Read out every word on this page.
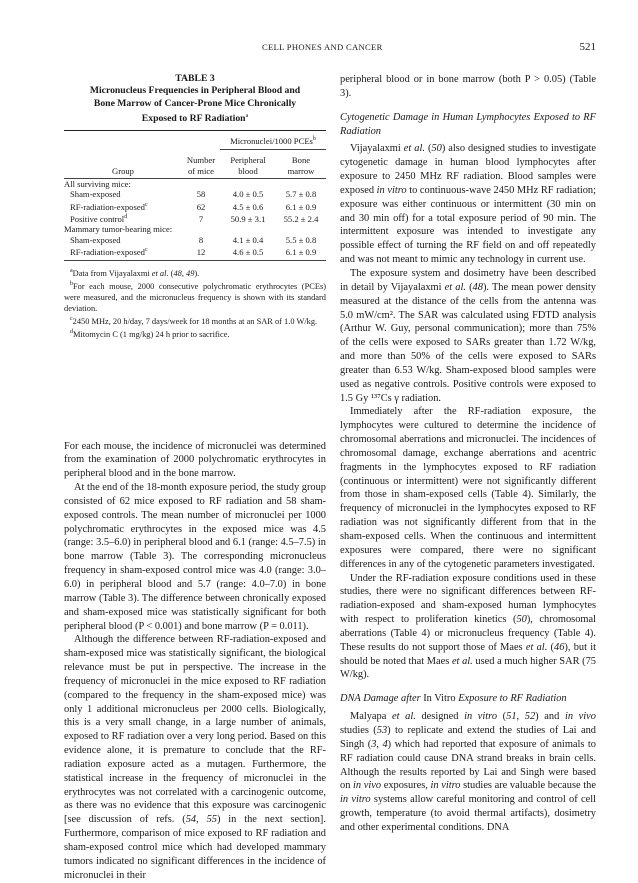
CELL PHONES AND CANCER	521
TABLE 3
Micronucleus Frequencies in Peripheral Blood and
Bone Marrow of Cancer-Prone Mice Chronically
Exposed to RF Radiation$^a$
		Micronuclei/1000 PCEs$^b$

	Number	Peripheral	Bone
Group	of mice	blood	marrow

All surviving mice:			
Sham-exposed	58	4.0 ± 0.5	5.7 ± 0.8
RF-radiation-exposed$^c$	62	4.5 ± 0.6	6.1 ± 0.9
Positive control$^d$	7	50.9 ± 3.1	55.2 ± 2.4
Mammary tumor-bearing mice:			
Sham-exposed	8	4.1 ± 0.4	5.5 ± 0.8
RF-radiation-exposed$^c$	12	4.6 ± 0.5	6.1 ± 0.9

$^a$Data from Vijayalaxmi et al. (48, 49).

$^b$For each mouse, 2000 consecutive polychromatic erythrocytes (PCEs) were measured, and the micronucleus frequency is shown with its standard deviation.

$^c$2450 MHz, 20 h/day, 7 days/week for 18 months at an SAR of 1.0 W/kg.

$^d$Mitomycin C (1 mg/kg) 24 h prior to sacrifice.

For each mouse, the incidence of micronuclei was determined from the examination of 2000 polychromatic erythrocytes in peripheral blood and in the bone marrow.

At the end of the 18-month exposure period, the study group consisted of 62 mice exposed to RF radiation and 58 sham-exposed controls. The mean number of micronuclei per 1000 polychromatic erythrocytes in the exposed mice was 4.5 (range: 3.5–6.0) in peripheral blood and 6.1 (range: 4.5–7.5) in bone marrow (Table 3). The corresponding micronucleus frequency in sham-exposed control mice was 4.0 (range: 3.0–6.0) in peripheral blood and 5.7 (range: 4.0–7.0) in bone marrow (Table 3). The difference between chronically exposed and sham-exposed mice was statistically significant for both peripheral blood (P < 0.001) and bone marrow (P = 0.011).

Although the difference between RF-radiation-exposed and sham-exposed mice was statistically significant, the biological relevance must be put in perspective. The increase in the frequency of micronuclei in the mice exposed to RF radiation (compared to the frequency in the sham-exposed mice) was only 1 additional micronucleus per 2000 cells. Biologically, this is a very small change, in a large number of animals, exposed to RF radiation over a very long period. Based on this evidence alone, it is premature to conclude that the RF-radiation exposure acted as a mutagen. Furthermore, the statistical increase in the frequency of micronuclei in the erythrocytes was not correlated with a carcinogenic outcome, as there was no evidence that this exposure was carcinogenic [see discussion of refs. (54, 55) in the next section]. Furthermore, comparison of mice exposed to RF radiation and sham-exposed control mice which had developed mammary tumors indicated no significant differences in the incidence of micronuclei in their

peripheral blood or in bone marrow (both P > 0.05) (Table 3).

Cytogenetic Damage in Human Lymphocytes Exposed to RF Radiation

Vijayalaxmi et al. (50) also designed studies to investigate cytogenetic damage in human blood lymphocytes after exposure to 2450 MHz RF radiation. Blood samples were exposed in vitro to continuous-wave 2450 MHz RF radiation; exposure was either continuous or intermittent (30 min on and 30 min off) for a total exposure period of 90 min. The intermittent exposure was intended to investigate any possible effect of turning the RF field on and off repeatedly and was not meant to mimic any technology in current use.

The exposure system and dosimetry have been described in detail by Vijayalaxmi et al. (48). The mean power density measured at the distance of the cells from the antenna was 5.0 mW/cm². The SAR was calculated using FDTD analysis (Arthur W. Guy, personal communication); more than 75% of the cells were exposed to SARs greater than 1.72 W/kg, and more than 50% of the cells were exposed to SARs greater than 6.53 W/kg. Sham-exposed blood samples were used as negative controls. Positive controls were exposed to 1.5 Gy ¹³⁷Cs γ radiation.

Immediately after the RF-radiation exposure, the lymphocytes were cultured to determine the incidence of chromosomal aberrations and micronuclei. The incidences of chromosomal damage, exchange aberrations and acentric fragments in the lymphocytes exposed to RF radiation (continuous or intermittent) were not significantly different from those in sham-exposed cells (Table 4). Similarly, the frequency of micronuclei in the lymphocytes exposed to RF radiation was not significantly different from that in the sham-exposed cells. When the continuous and intermittent exposures were compared, there were no significant differences in any of the cytogenetic parameters investigated.

Under the RF-radiation exposure conditions used in these studies, there were no significant differences between RF-radiation-exposed and sham-exposed human lymphocytes with respect to proliferation kinetics (50), chromosomal aberrations (Table 4) or micronucleus frequency (Table 4). These results do not support those of Maes et al. (46), but it should be noted that Maes et al. used a much higher SAR (75 W/kg).

DNA Damage after In Vitro Exposure to RF Radiation

Malyapa et al. designed in vitro (51, 52) and in vivo studies (53) to replicate and extend the studies of Lai and Singh (3, 4) which had reported that exposure of animals to RF radiation could cause DNA strand breaks in brain cells. Although the results reported by Lai and Singh were based on in vivo exposures, in vitro studies are valuable because the in vitro systems allow careful monitoring and control of cell growth, temperature (to avoid thermal artifacts), dosimetry and other experimental conditions. DNA
